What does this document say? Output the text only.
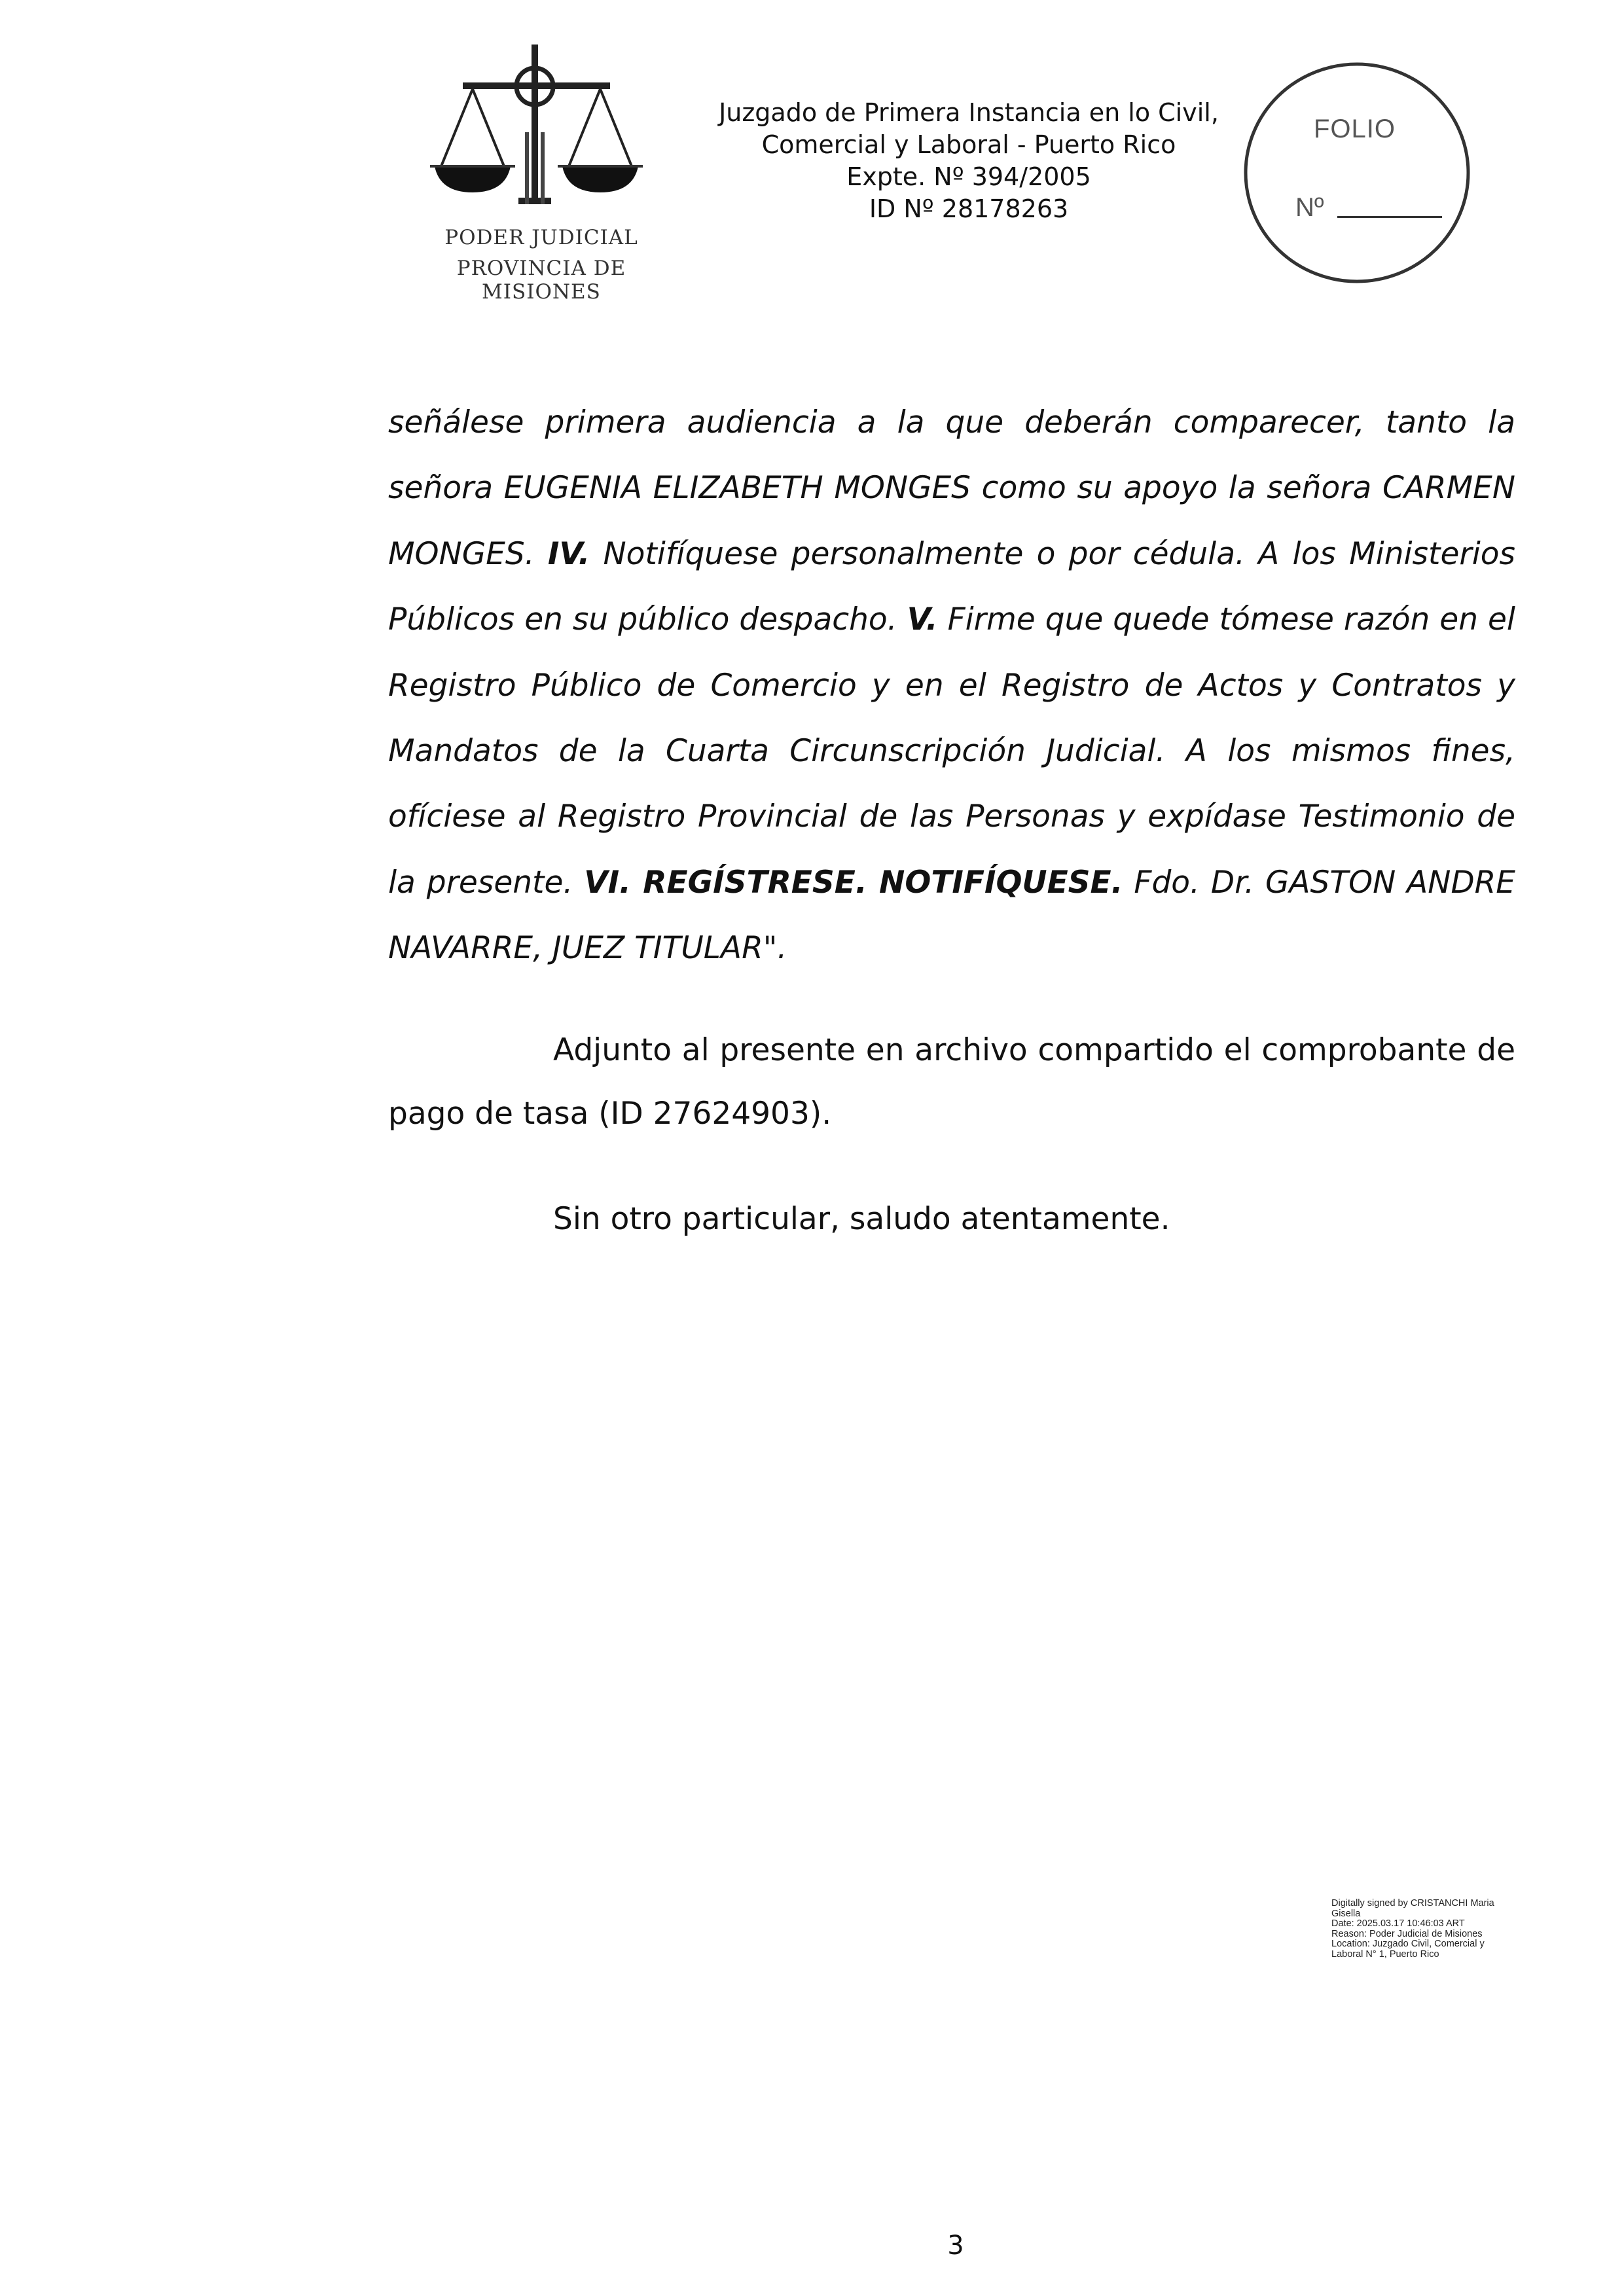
PODER JUDICIAL
PROVINCIA DE MISIONES
Juzgado de Primera Instancia en lo Civil,
Comercial y Laboral - Puerto Rico
Expte. Nº 394/2005
ID Nº 28178263
FOLIO
Nº
señálese primera audiencia a la que deberán comparecer, tanto la señora EUGENIA ELIZABETH MONGES como su apoyo la señora CARMEN MONGES. IV. Notifíquese personalmente o por cédula. A los Ministerios Públicos en su público despacho. V. Firme que quede tómese razón en el Registro Público de Comercio y en el Registro de Actos y Contratos y Mandatos de la Cuarta Circunscripción Judicial. A los mismos fines, ofíciese al Registro Provincial de las Personas y expídase Testimonio de la presente. VI. REGÍSTRESE. NOTIFÍQUESE. Fdo. Dr. GASTON ANDRE NAVARRE, JUEZ TITULAR".
Adjunto al presente en archivo compartido el comprobante de pago de tasa (ID 27624903).
Sin otro particular, saludo atentamente.
Digitally signed by CRISTANCHI Maria
Gisella
Date: 2025.03.17 10:46:03 ART
Reason: Poder Judicial de Misiones
Location: Juzgado Civil, Comercial y
Laboral N° 1, Puerto Rico
3
